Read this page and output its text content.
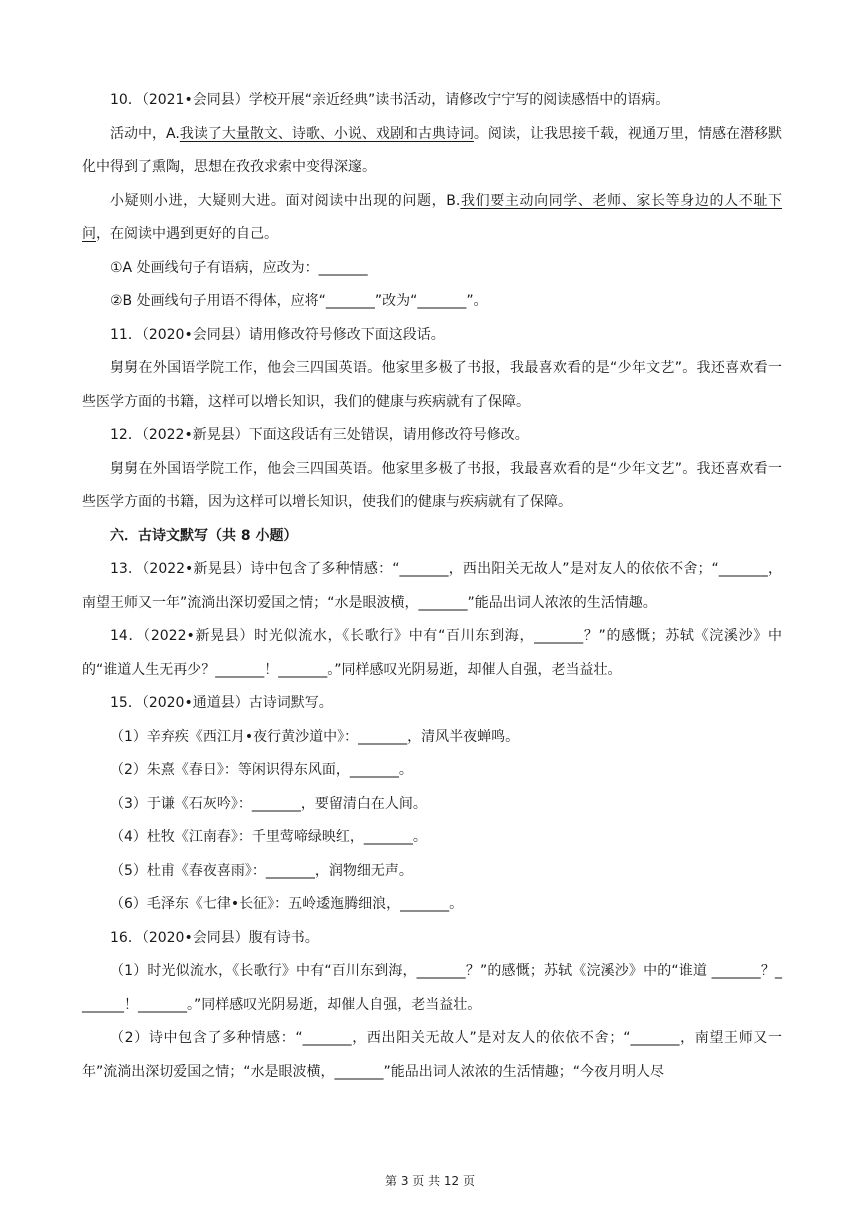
10．（2021•会同县）学校开展“亲近经典”读书活动，请修改宁宁写的阅读感悟中的语病。

活动中，A.我读了大量散文、诗歌、小说、戏剧和古典诗词。阅读，让我思接千载，视通万里，情感在潜移默化中得到了熏陶，思想在孜孜求索中变得深邃。

小疑则小进，大疑则大进。面对阅读中出现的问题，B.我们要主动向同学、老师、家长等身边的人不耻下问，在阅读中遇到更好的自己。

①A 处画线句子有语病，应改为：_______

②B 处画线句子用语不得体，应将“_______”改为“_______”。

11．（2020•会同县）请用修改符号修改下面这段话。

舅舅在外国语学院工作，他会三四国英语。他家里多极了书报，我最喜欢看的是“少年文艺”。我还喜欢看一些医学方面的书籍，这样可以增长知识，我们的健康与疾病就有了保障。

12．（2022•新晃县）下面这段话有三处错误，请用修改符号修改。

舅舅在外国语学院工作，他会三四国英语。他家里多极了书报，我最喜欢看的是“少年文艺”。我还喜欢看一些医学方面的书籍，因为这样可以增长知识，使我们的健康与疾病就有了保障。

六．古诗文默写（共 8 小题）

13．（2022•新晃县）诗中包含了多种情感：“_______，西出阳关无故人”是对友人的依依不舍；“_______，南望王师又一年”流淌出深切爱国之情；“水是眼波横，_______”能品出词人浓浓的生活情趣。

14．（2022•新晃县）时光似流水，《长歌行》中有“百川东到海，_______？”的感慨；苏轼《浣溪沙》中的“谁道人生无再少？_______！_______。”同样感叹光阴易逝，却催人自强，老当益壮。

15．（2020•通道县）古诗词默写。

（1）辛弃疾《西江月•夜行黄沙道中》：_______，清风半夜蝉鸣。

（2）朱熹《春日》：等闲识得东风面，_______。

（3）于谦《石灰吟》：_______，要留清白在人间。

（4）杜牧《江南春》：千里莺啼绿映红，_______。

（5）杜甫《春夜喜雨》：_______，润物细无声。

（6）毛泽东《七律•长征》：五岭逶迤腾细浪，_______。

16．（2020•会同县）腹有诗书。

（1）时光似流水，《长歌行》中有“百川东到海，_______？”的感慨；苏轼《浣溪沙》中的“谁道 _______？_______！_______。”同样感叹光阴易逝，却催人自强，老当益壮。

（2）诗中包含了多种情感：“_______，西出阳关无故人”是对友人的依依不舍；“_______，南望王师又一年”流淌出深切爱国之情；“水是眼波横，_______”能品出词人浓浓的生活情趣；“今夜月明人尽

第 3 页 共 12 页
